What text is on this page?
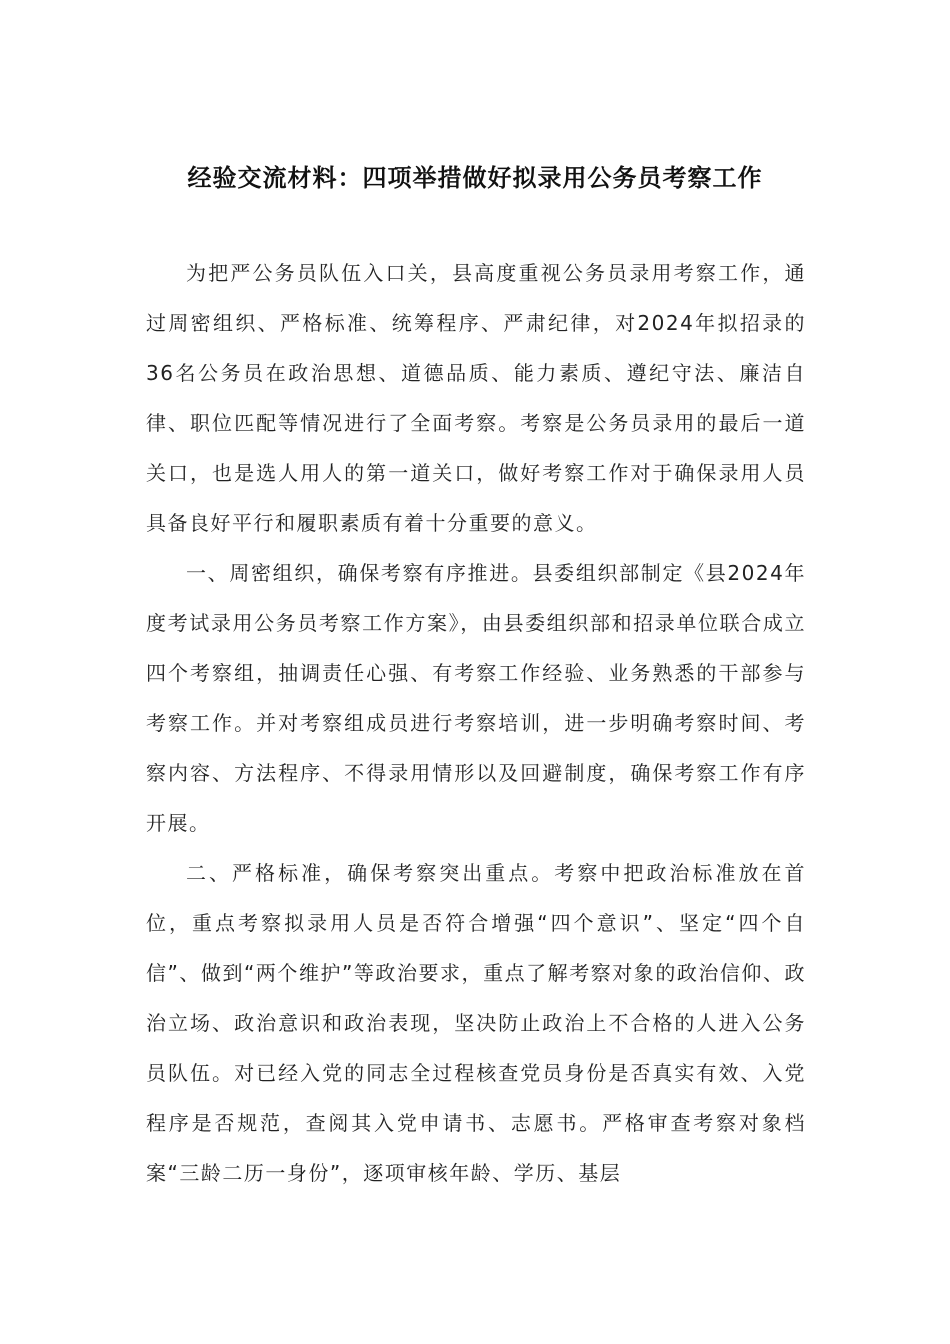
经验交流材料：四项举措做好拟录用公务员考察工作

为把严公务员队伍入口关，县高度重视公务员录用考察工作，通过周密组织、严格标准、统筹程序、严肃纪律，对2024年拟招录的36名公务员在政治思想、道德品质、能力素质、遵纪守法、廉洁自律、职位匹配等情况进行了全面考察。考察是公务员录用的最后一道关口，也是选人用人的第一道关口，做好考察工作对于确保录用人员具备良好平行和履职素质有着十分重要的意义。

一、周密组织，确保考察有序推进。县委组织部制定《县2024年度考试录用公务员考察工作方案》，由县委组织部和招录单位联合成立四个考察组，抽调责任心强、有考察工作经验、业务熟悉的干部参与考察工作。并对考察组成员进行考察培训，进一步明确考察时间、考察内容、方法程序、不得录用情形以及回避制度，确保考察工作有序开展。

二、严格标准，确保考察突出重点。考察中把政治标准放在首位，重点考察拟录用人员是否符合增强“四个意识”、坚定“四个自信”、做到“两个维护”等政治要求，重点了解考察对象的政治信仰、政治立场、政治意识和政治表现，坚决防止政治上不合格的人进入公务员队伍。对已经入党的同志全过程核查党员身份是否真实有效、入党程序是否规范，查阅其入党申请书、志愿书。严格审查考察对象档案“三龄二历一身份”，逐项审核年龄、学历、基层
